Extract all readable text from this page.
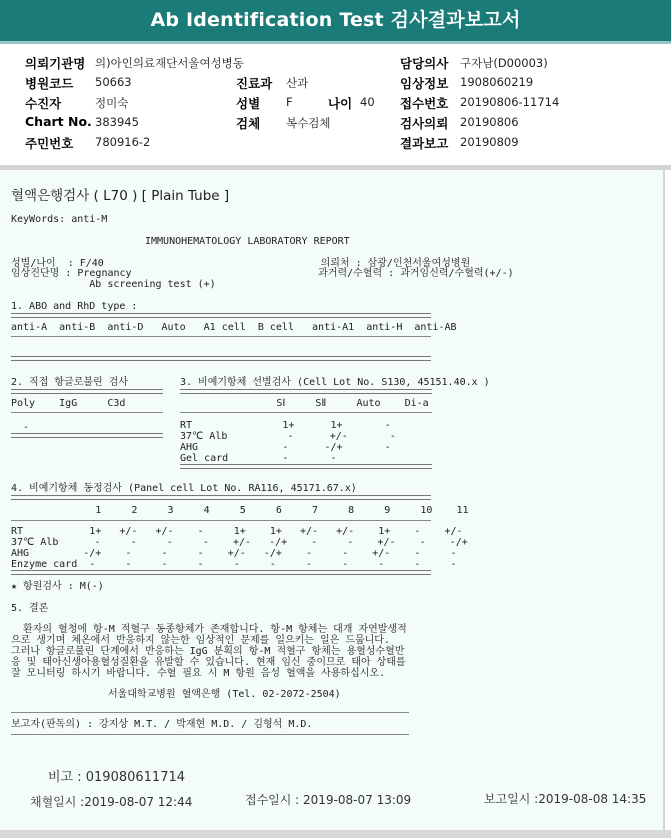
Ab Identification Test 검사결과보고서
의뢰기관명 의)아인의료재단서울여성병동
병원코드 50663	진료과 산과
수진자	정미숙	성별 F	나이 40
Chart No. 383945	검체 복수검체
주민번호 780916-2
담당의사 구자남(D00003)
임상정보 1908060219
접수번호 20190806-11714
검사의뢰 20190806
결과보고 20190809
혈액은행검사 ( L70 ) [ Plain Tube ]
KeyWords: anti-M
IMMUNOHEMATOLOGY LABORATORY REPORT
성별/나이  : F/40                                    의뢰처 : 삼광/인천서울여성병원
임상진단명 : Pregnancy                               과거력/수혈력 : 과거임신력/수혈력(+/-)
Ab screening test (+)
1. ABO and RhD type :
anti-A  anti-B  anti-D   Auto   A1 cell  B cell   anti-A1  anti-H  anti-AB
2. 직접 항글로불린 검사
Poly    IgG     C3d
-
3. 비예기항체 선별검사 (Cell Lot No. S130, 45151.40.x )
SⅠ     SⅡ     Auto    Di-a
RT               1+      1+       -
37℃ Alb          -      +/-       -
AHG              -      -/+       -
Gel card         -       -
4. 비예기항체 동정검사 (Panel cell Lot No. RA116, 45171.67.x)
1     2     3     4     5     6     7     8     9     10    11
RT           1+   +/-   +/-    -     1+    1+   +/-   +/-    1+    -    +/-
37℃ Alb      -     -     -     -    +/-   -/+    -     -    +/-    -    -/+
AHG         -/+    -     -     -    +/-   -/+    -     -    +/-    -     -
Enzyme card  -     -     -     -     -     -     -     -     -     -     -
★ 항원검사 : M(-)
5. 결론
환자의 혈청에 항-M 적혈구 동종항체가 존재합니다. 항-M 항체는 대개 자연발생적
으로 생기며 체온에서 반응하지 않는한 임상적인 문제를 일으키는 일은 드뭅니다.
그러나 항글로불린 단계에서 반응하는 IgG 분획의 항-M 적혈구 항체는 용혈성수혈반
응 및 태아신생아용혈성질환을 유발할 수 있습니다. 현재 임신 중이므로 태아 상태를
잘 모니터링 하시기 바랍니다. 수혈 필요 시 M 항원 음성 혈액을 사용하십시오.
서울대학교병원 혈액은행 (Tel. 02-2072-2504)
보고자(판독의) : 강지상 M.T. / 박재현 M.D. / 김형석 M.D.
비고 : 019080611714
채혈일시 :2019-08-07 12:44	접수일시 : 2019-08-07 13:09	보고일시 :2019-08-08 14:35
